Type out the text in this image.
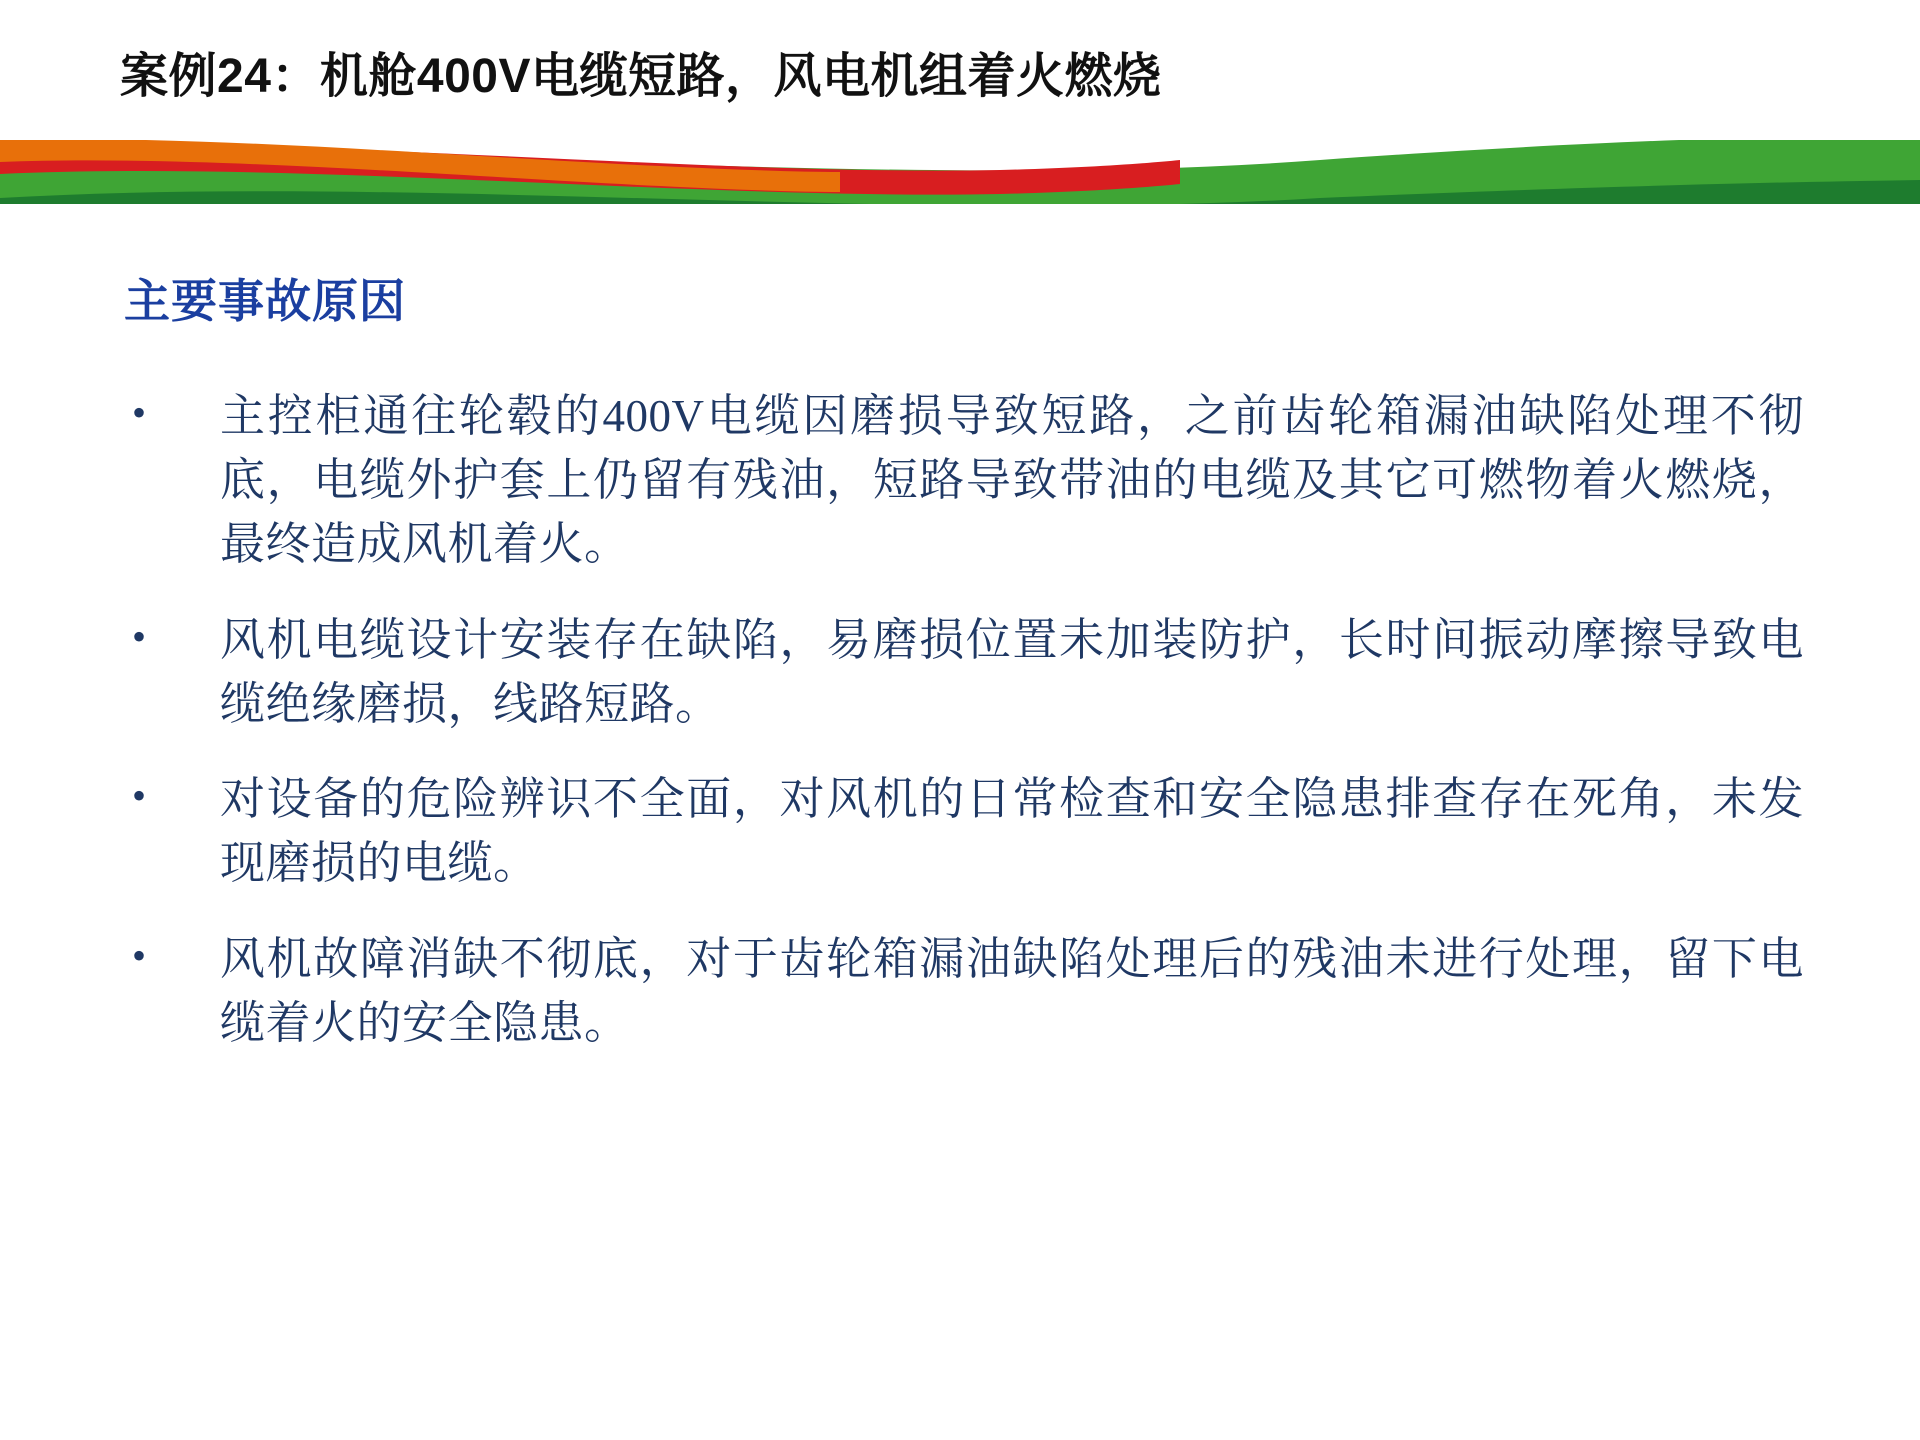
案例24：机舱400V电缆短路，风电机组着火燃烧
主要事故原因
•	主控柜通往轮毂的400V电缆因磨损导致短路，之前齿轮箱漏油缺陷处理不彻底，电缆外护套上仍留有残油，短路导致带油的电缆及其它可燃物着火燃烧，最终造成风机着火。
•	风机电缆设计安装存在缺陷，易磨损位置未加装防护，长时间振动摩擦导致电缆绝缘磨损，线路短路。
•	对设备的危险辨识不全面，对风机的日常检查和安全隐患排查存在死角，未发现磨损的电缆。
•	风机故障消缺不彻底，对于齿轮箱漏油缺陷处理后的残油未进行处理，留下电缆着火的安全隐患。
